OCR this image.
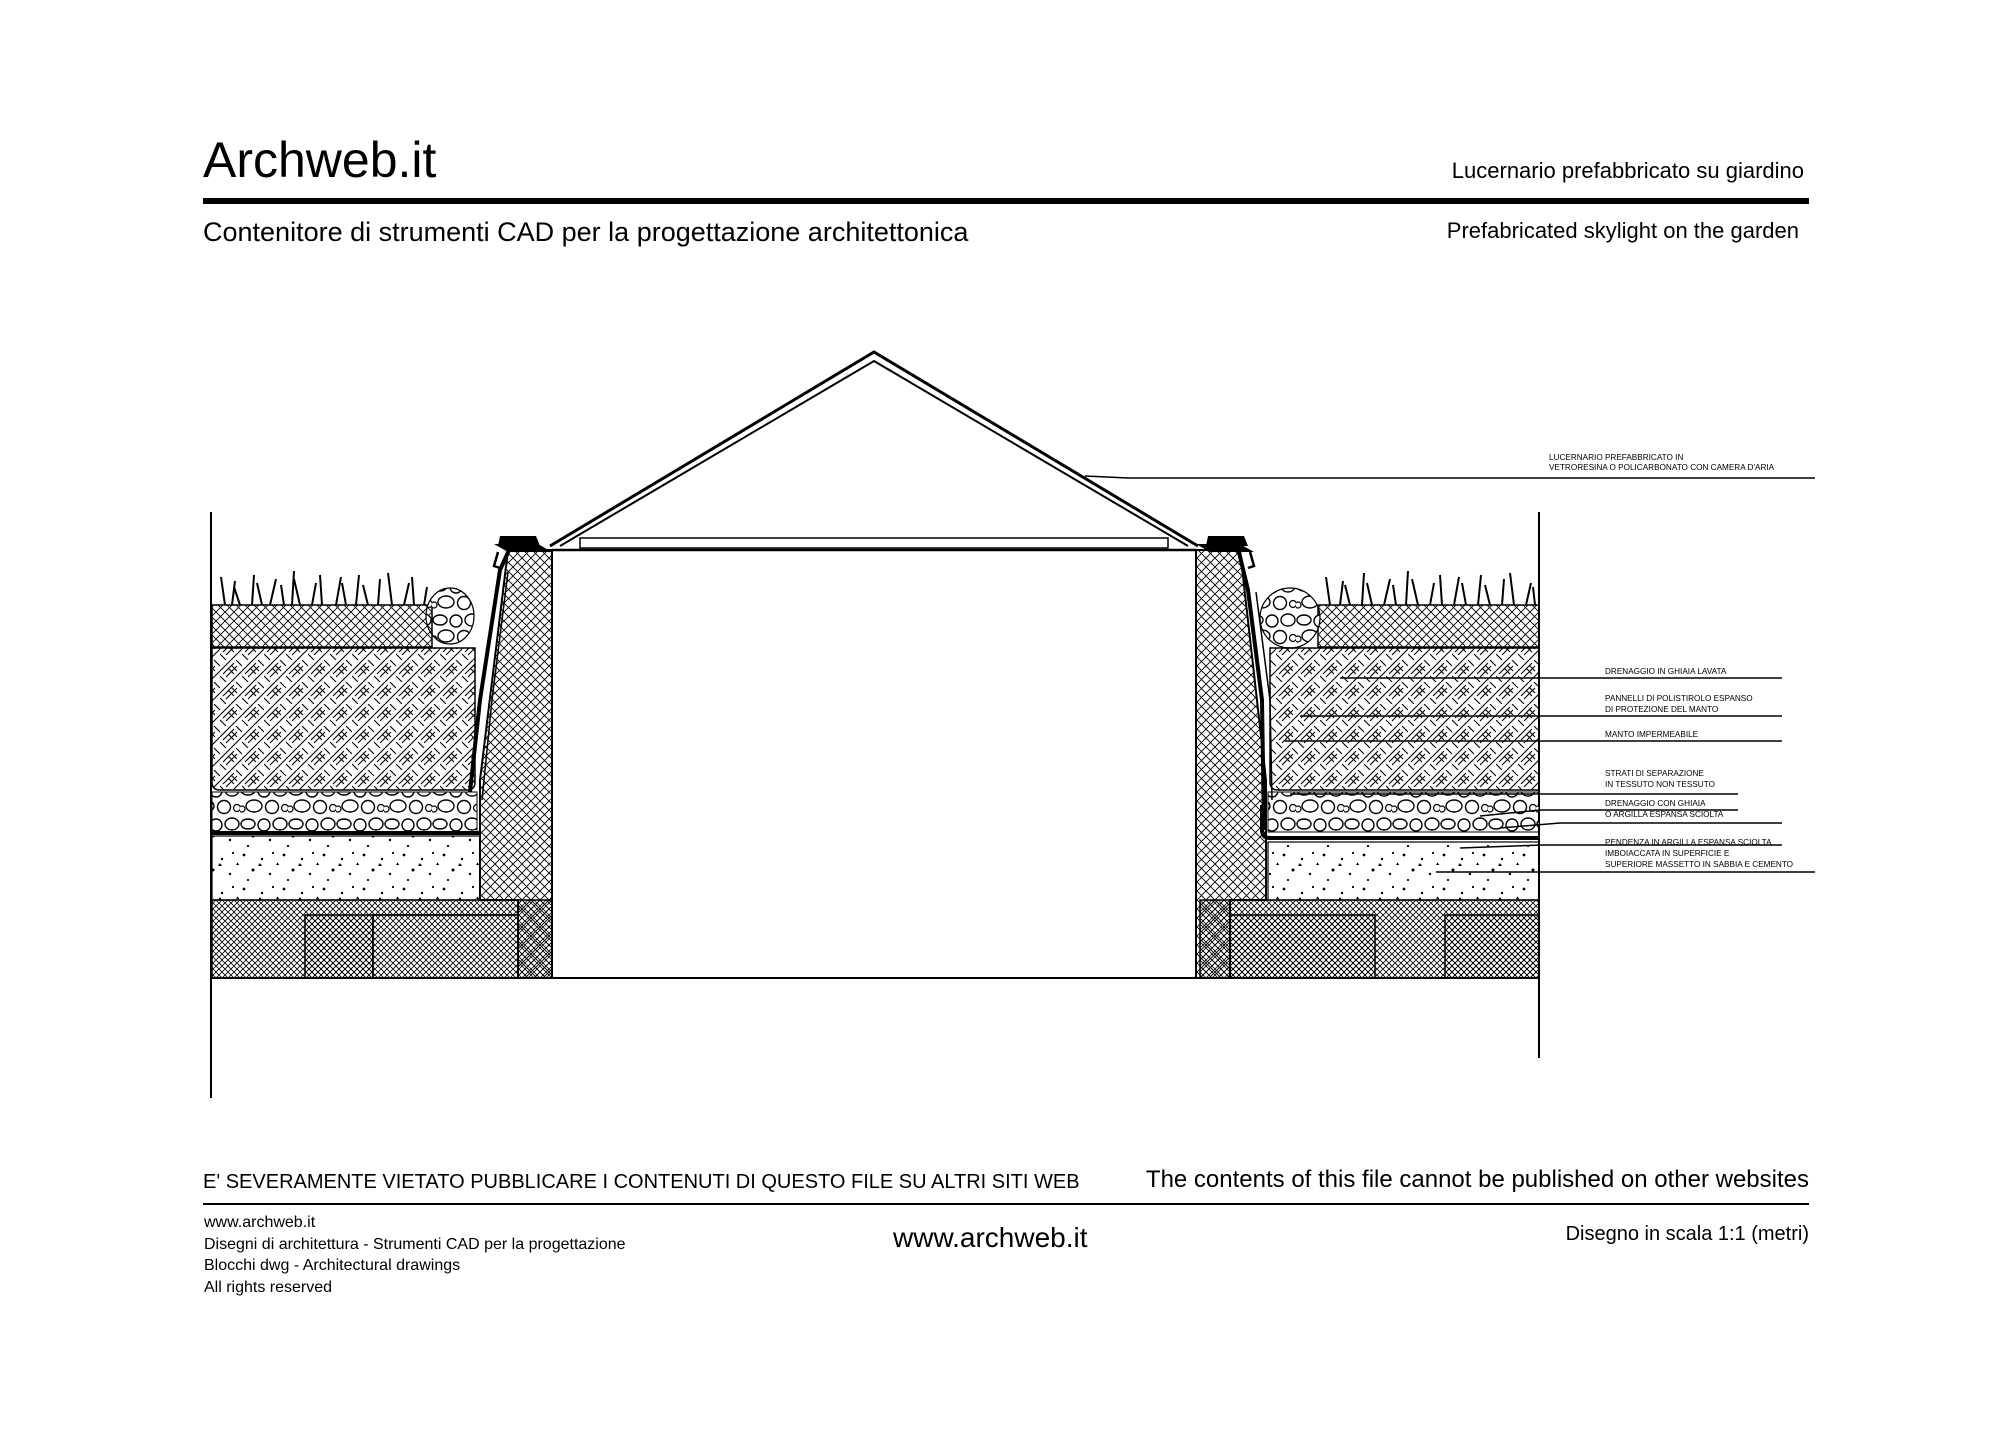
Archweb.it	Lucernario prefabbricato su giardino
Contenitore di strumenti CAD per la progettazione architettonica	Prefabricated skylight on the garden
LUCERNARIO PREFABBRICATO IN VETRORESINA O POLICARBONATO CON CAMERA D'ARIA
DRENAGGIO IN GHIAIA LAVATA
PANNELLI DI POLISTIROLO ESPANSO DI PROTEZIONE DEL MANTO
MANTO IMPERMEABILE
STRATI DI SEPARAZIONE IN TESSUTO NON TESSUTO
DRENAGGIO CON GHIAIA O ARGILLA ESPANSA SCIOLTA
PENDENZA IN ARGILLA ESPANSA SCIOLTA IMBOIACCATA IN SUPERFICIE E SUPERIORE MASSETTO IN SABBIA E CEMENTO
E' SEVERAMENTE VIETATO PUBBLICARE I CONTENUTI DI QUESTO FILE SU ALTRI SITI WEB	The contents of this file cannot be published on other websites
www.archweb.it
Disegni di architettura - Strumenti CAD per la progettazione
Blocchi dwg - Architectural drawings
All rights reserved
www.archweb.it	Disegno in scala 1:1 (metri)
